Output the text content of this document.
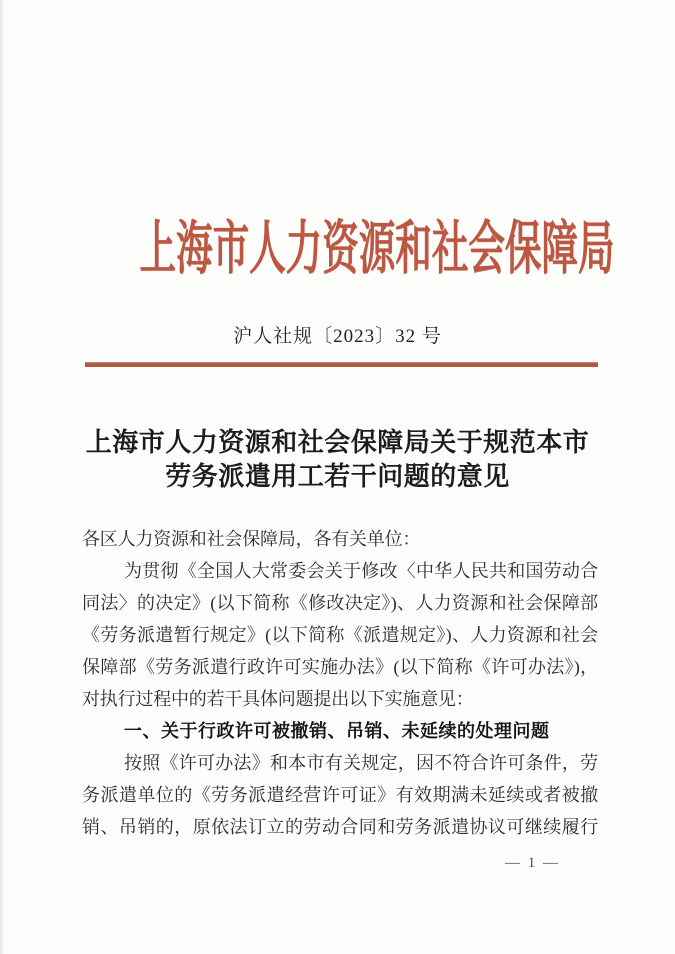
上海市人力资源和社会保障局
沪人社规〔2023〕32 号
上海市人力资源和社会保障局关于规范本市
劳务派遣用工若干问题的意见
各区人力资源和社会保障局，各有关单位：
为贯彻《全国人大常委会关于修改〈中华人民共和国劳动合
同法〉的决定》(以下简称《修改决定》)、人力资源和社会保障部
《劳务派遣暂行规定》(以下简称《派遣规定》)、人力资源和社会
保障部《劳务派遣行政许可实施办法》(以下简称《许可办法》)，
对执行过程中的若干具体问题提出以下实施意见：
一、关于行政许可被撤销、吊销、未延续的处理问题
按照《许可办法》和本市有关规定，因不符合许可条件，劳
务派遣单位的《劳务派遣经营许可证》有效期满未延续或者被撤
销、吊销的，原依法订立的劳动合同和劳务派遣协议可继续履行
— 1 —
